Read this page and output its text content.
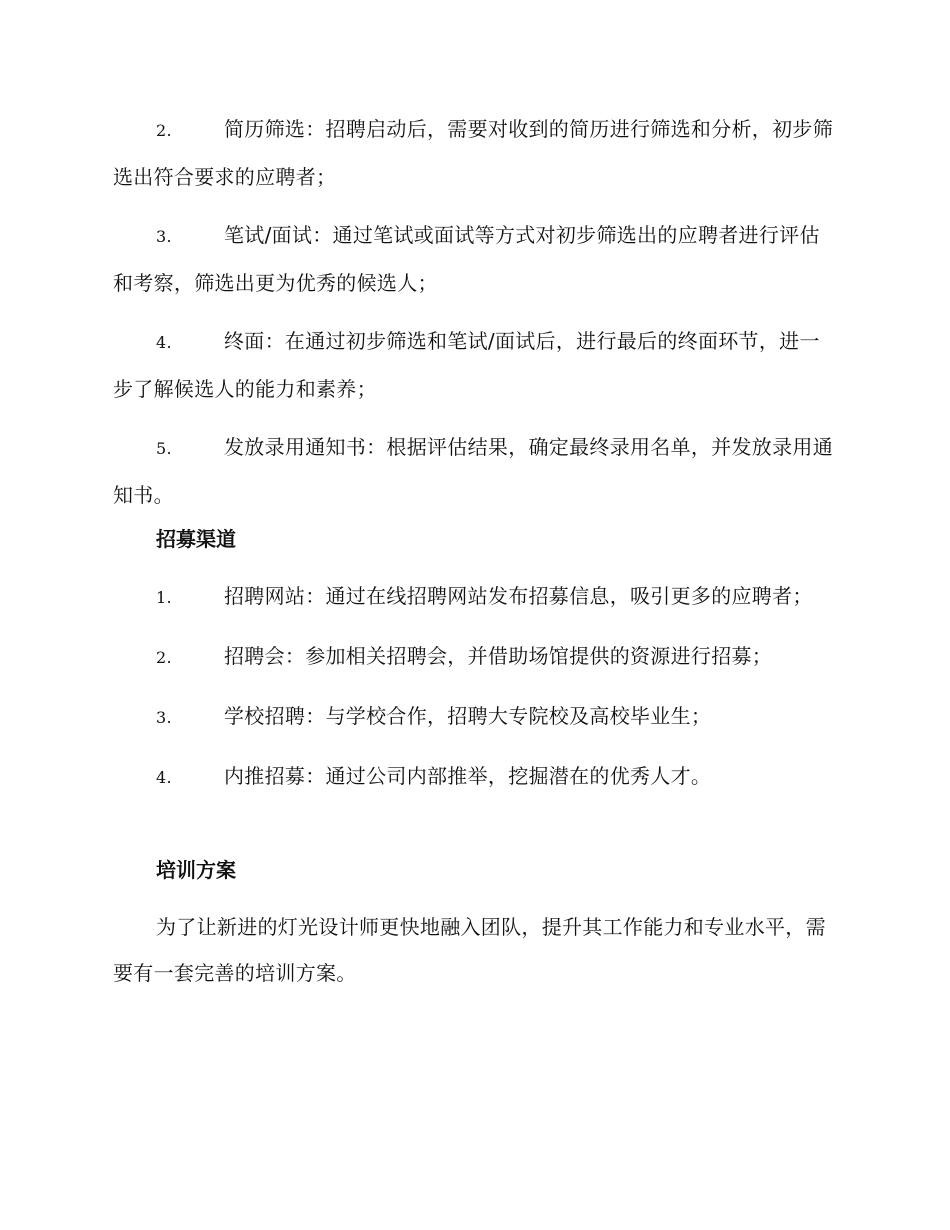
2.	简历筛选：招聘启动后，需要对收到的简历进行筛选和分析，初步筛选出符合要求的应聘者；

3.	笔试/面试：通过笔试或面试等方式对初步筛选出的应聘者进行评估和考察，筛选出更为优秀的候选人；

4.	终面：在通过初步筛选和笔试/面试后，进行最后的终面环节，进一步了解候选人的能力和素养；

5.	发放录用通知书：根据评估结果，确定最终录用名单，并发放录用通知书。

招募渠道

1.	招聘网站：通过在线招聘网站发布招募信息，吸引更多的应聘者；

2.	招聘会：参加相关招聘会，并借助场馆提供的资源进行招募；

3.	学校招聘：与学校合作，招聘大专院校及高校毕业生；

4.	内推招募：通过公司内部推举，挖掘潜在的优秀人才。

培训方案

为了让新进的灯光设计师更快地融入团队，提升其工作能力和专业水平，需要有一套完善的培训方案。
